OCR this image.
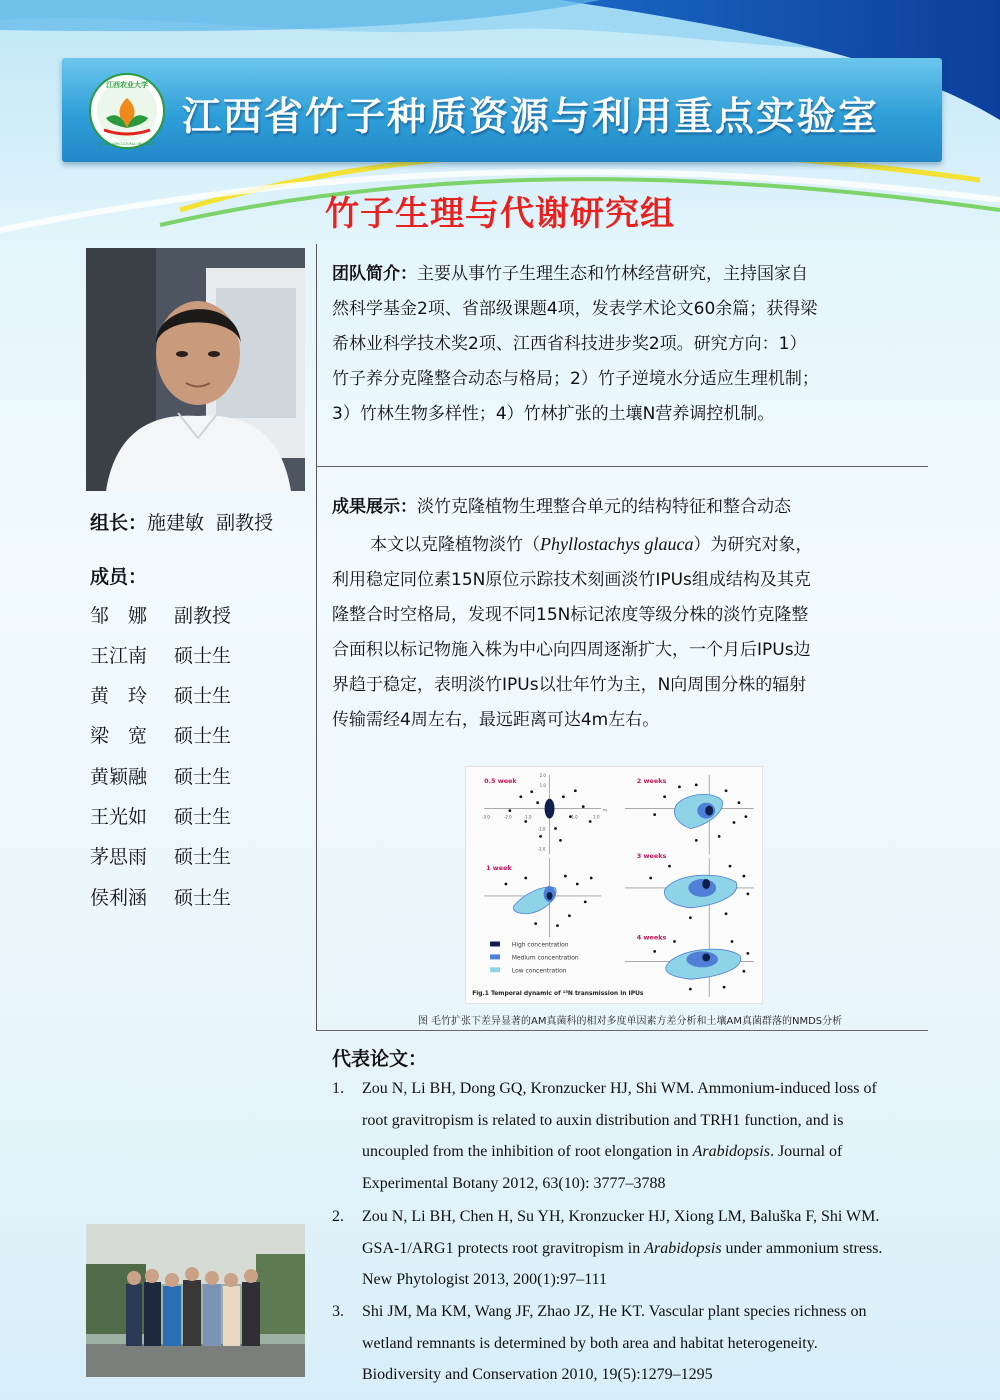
江西农业大学
JIANGXI AGRICULTURAL UNIVERSITY
江西省竹子种质资源与利用重点实验室
竹子生理与代谢研究组
组长：施建敏 副教授
成员：
邹　娜 副教授
王江南 硕士生
黄　玲 硕士生
梁　宽 硕士生
黄颖融 硕士生
王光如 硕士生
茅思雨 硕士生
侯利涵 硕士生

团队简介：主要从事竹子生理生态和竹林经营研究，主持国家自

然科学基金2项、省部级课题4项，发表学术论文60余篇；获得梁

希林业科学技术奖2项、江西省科技进步奖2项。研究方向：1）

竹子养分克隆整合动态与格局；2）竹子逆境水分适应生理机制；

3）竹林生物多样性；4）竹林扩张的土壤N营养调控机制。

成果展示：淡竹克隆植物生理整合单元的结构特征和整合动态

本文以克隆植物淡竹（Phyllostachys glauca）为研究对象，

利用稳定同位素15N原位示踪技术刻画淡竹IPUs组成结构及其克

隆整合时空格局，发现不同15N标记浓度等级分株的淡竹克隆整

合面积以标记物施入株为中心向四周逐渐扩大，一个月后IPUs边

界趋于稳定，表明淡竹IPUs以壮年竹为主，N向周围分株的辐射

传输需经4周左右，最远距离可达4m左右。

0.5 week
-3.0	-2.0	-1.0	1.0	2.0
m
2.0
1.0
-1.0
-2.0
2 weeks
1 week
3 weeks
4 weeks
High concentration
Medium concentration
Low concentration
Fig.1 Temporal dynamic of ¹⁵N transmission in IPUs
图 毛竹扩张下差异显著的AM真菌科的相对多度单因素方差分析和土壤AM真菌群落的NMDS分析
代表论文：
1. Zou N, Li BH, Dong GQ, Kronzucker HJ, Shi WM. Ammonium-induced loss of

root gravitropism is related to auxin distribution and TRH1 function, and is

uncoupled from the inhibition of root elongation in Arabidopsis. Journal of

Experimental Botany 2012, 63(10): 3777–3788

2. Zou N, Li BH, Chen H, Su YH, Kronzucker HJ, Xiong LM, Baluška F, Shi WM.

GSA-1/ARG1 protects root gravitropism in Arabidopsis under ammonium stress.

New Phytologist 2013, 200(1):97–111

3. Shi JM, Ma KM, Wang JF, Zhao JZ, He KT. Vascular plant species richness on

wetland remnants is determined by both area and habitat heterogeneity.

Biodiversity and Conservation 2010, 19(5):1279–1295
